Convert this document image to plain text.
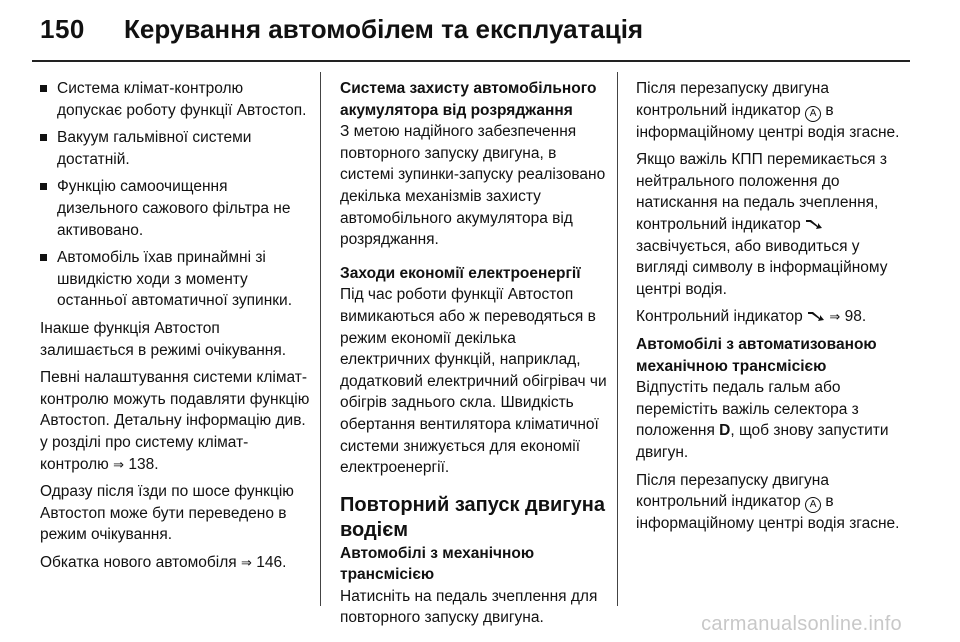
150 Керування автомобілем та експлуатація
Система клімат-контролю допускає роботу функції Автостоп.
Вакуум гальмівної системи достатній.
Функцію самоочищення дизельного сажового фільтра не активовано.
Автомобіль їхав принаймні зі швидкістю ходи з моменту останньої автоматичної зупинки.

Інакше функція Автостоп залишається в режимі очікування.

Певні налаштування системи клімат-контролю можуть подавляти функцію Автостоп. Детальну інформацію див. у розділі про систему клімат-контролю ⇒ 138.

Одразу після їзди по шосе функцію Автостоп може бути переведено в режим очікування.

Обкатка нового автомобіля ⇒ 146.

Система захисту автомобільного акумулятора від розряджання

З метою надійного забезпечення повторного запуску двигуна, в системі зупинки-запуску реалізовано декілька механізмів захисту автомобільного акумулятора від розряджання.

Заходи економії електроенергії

Під час роботи функції Автостоп вимикаються або ж переводяться в режим економії декілька електричних функцій, наприклад, додатковий електричний обігрівач чи обігрів заднього скла. Швидкість обертання вентилятора кліматичної системи знижується для економії електроенергії.

Повторний запуск двигуна водієм
Автомобілі з механічною трансмісією

Натисніть на педаль зчеплення для повторного запуску двигуна.

Після перезапуску двигуна контрольний індикатор A в інформаційному центрі водія згасне.

Якщо важіль КПП перемикається з нейтрального положення до натискання на педаль зчеплення, контрольний індикатор  засвічується, або виводиться у вигляді символу в інформаційному центрі водія.

Контрольний індикатор ⇒ 98.

Автомобілі з автоматизованою механічною трансмісією

Відпустіть педаль гальм або перемістіть важіль селектора з положення D, щоб знову запустити двигун.

Після перезапуску двигуна контрольний індикатор A в інформаційному центрі водія згасне.

carmanualsonline.info
